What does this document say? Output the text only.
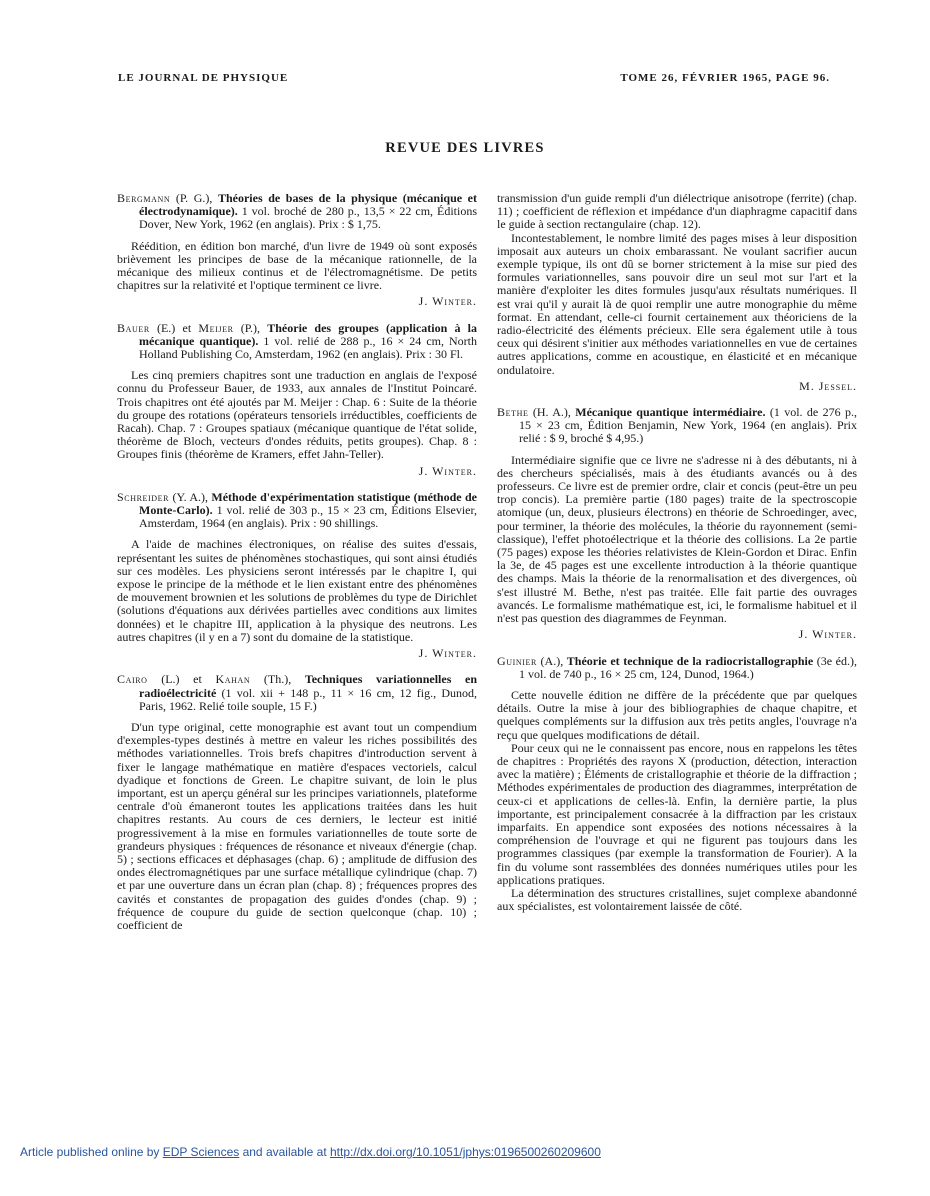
LE JOURNAL DE PHYSIQUE	TOME 26, FÉVRIER 1965, PAGE 96.
REVUE DES LIVRES

Bergmann (P. G.), Théories de bases de la physique (mécanique et électrodynamique). 1 vol. broché de 280 p., 13,5 × 22 cm, Éditions Dover, New York, 1962 (en anglais). Prix : $ 1,75.

Réédition, en édition bon marché, d'un livre de 1949 où sont exposés brièvement les principes de base de la mécanique rationnelle, de la mécanique des milieux continus et de l'électromagnétisme. De petits chapitres sur la relativité et l'optique terminent ce livre.

J. Winter.

Bauer (E.) et Meijer (P.), Théorie des groupes (application à la mécanique quantique). 1 vol. relié de 288 p., 16 × 24 cm, North Holland Publishing Co, Amsterdam, 1962 (en anglais). Prix : 30 Fl.

Les cinq premiers chapitres sont une traduction en anglais de l'exposé connu du Professeur Bauer, de 1933, aux annales de l'Institut Poincaré. Trois chapitres ont été ajoutés par M. Meijer : Chap. 6 : Suite de la théorie du groupe des rotations (opérateurs tensoriels irréductibles, coefficients de Racah). Chap. 7 : Groupes spatiaux (mécanique quantique de l'état solide, théorème de Bloch, vecteurs d'ondes réduits, petits groupes). Chap. 8 : Groupes finis (théorème de Kramers, effet Jahn-Teller).

J. Winter.

Schreider (Y. A.), Méthode d'expérimentation statistique (méthode de Monte-Carlo). 1 vol. relié de 303 p., 15 × 23 cm, Éditions Elsevier, Amsterdam, 1964 (en anglais). Prix : 90 shillings.

A l'aide de machines électroniques, on réalise des suites d'essais, représentant les suites de phénomènes stochastiques, qui sont ainsi étudiés sur ces modèles. Les physiciens seront intéressés par le chapitre I, qui expose le principe de la méthode et le lien existant entre des phénomènes de mouvement brownien et les solutions de problèmes du type de Dirichlet (solutions d'équations aux dérivées partielles avec conditions aux limites données) et le chapitre III, application à la physique des neutrons. Les autres chapitres (il y en a 7) sont du domaine de la statistique.

J. Winter.

Cairo (L.) et Kahan (Th.), Techniques variationnelles en radioélectricité (1 vol. xii + 148 p., 11 × 16 cm, 12 fig., Dunod, Paris, 1962. Relié toile souple, 15 F.)

D'un type original, cette monographie est avant tout un compendium d'exemples-types destinés à mettre en valeur les riches possibilités des méthodes variationnelles. Trois brefs chapitres d'introduction servent à fixer le langage mathématique en matière d'espaces vectoriels, calcul dyadique et fonctions de Green. Le chapitre suivant, de loin le plus important, est un aperçu général sur les principes variationnels, plateforme centrale d'où émaneront toutes les applications traitées dans les huit chapitres restants. Au cours de ces derniers, le lecteur est initié progressivement à la mise en formules variationnelles de toute sorte de grandeurs physiques : fréquences de résonance et niveaux d'énergie (chap. 5) ; sections efficaces et déphasages (chap. 6) ; amplitude de diffusion des ondes électromagnétiques par une surface métallique cylindrique (chap. 7) et par une ouverture dans un écran plan (chap. 8) ; fréquences propres des cavités et constantes de propagation des guides d'ondes (chap. 9) ; fréquence de coupure du guide de section quelconque (chap. 10) ; coefficient de

transmission d'un guide rempli d'un diélectrique anisotrope (ferrite) (chap. 11) ; coefficient de réflexion et impédance d'un diaphragme capacitif dans le guide à section rectangulaire (chap. 12).

Incontestablement, le nombre limité des pages mises à leur disposition imposait aux auteurs un choix embarassant. Ne voulant sacrifier aucun exemple typique, ils ont dû se borner strictement à la mise sur pied des formules variationnelles, sans pouvoir dire un seul mot sur l'art et la manière d'exploiter les dites formules jusqu'aux résultats numériques. Il est vrai qu'il y aurait là de quoi remplir une autre monographie du même format. En attendant, celle-ci fournit certainement aux théoriciens de la radio-électricité des éléments précieux. Elle sera également utile à tous ceux qui désirent s'initier aux méthodes variationnelles en vue de certaines autres applications, comme en acoustique, en élasticité et en mécanique ondulatoire.

M. Jessel.

Bethe (H. A.), Mécanique quantique intermédiaire. (1 vol. de 276 p., 15 × 23 cm, Édition Benjamin, New York, 1964 (en anglais). Prix relié : $ 9, broché $ 4,95.)

Intermédiaire signifie que ce livre ne s'adresse ni à des débutants, ni à des chercheurs spécialisés, mais à des étudiants avancés ou à des professeurs. Ce livre est de premier ordre, clair et concis (peut-être un peu trop concis). La première partie (180 pages) traite de la spectroscopie atomique (un, deux, plusieurs électrons) en théorie de Schroedinger, avec, pour terminer, la théorie des molécules, la théorie du rayonnement (semi-classique), l'effet photoélectrique et la théorie des collisions. La 2e partie (75 pages) expose les théories relativistes de Klein-Gordon et Dirac. Enfin la 3e, de 45 pages est une excellente introduction à la théorie quantique des champs. Mais la théorie de la renormalisation et des divergences, où s'est illustré M. Bethe, n'est pas traitée. Elle fait partie des ouvrages avancés. Le formalisme mathématique est, ici, le formalisme habituel et il n'est pas question des diagrammes de Feynman.

J. Winter.

Guinier (A.), Théorie et technique de la radiocristallographie (3e éd.), 1 vol. de 740 p., 16 × 25 cm, 124, Dunod, 1964.)

Cette nouvelle édition ne diffère de la précédente que par quelques détails. Outre la mise à jour des bibliographies de chaque chapitre, et quelques compléments sur la diffusion aux très petits angles, l'ouvrage n'a reçu que quelques modifications de détail.

Pour ceux qui ne le connaissent pas encore, nous en rappelons les têtes de chapitres : Propriétés des rayons X (production, détection, interaction avec la matière) ; Éléments de cristallographie et théorie de la diffraction ; Méthodes expérimentales de production des diagrammes, interprétation de ceux-ci et applications de celles-là. Enfin, la dernière partie, la plus importante, est principalement consacrée à la diffraction par les cristaux imparfaits. En appendice sont exposées des notions nécessaires à la compréhension de l'ouvrage et qui ne figurent pas toujours dans les programmes classiques (par exemple la transformation de Fourier). A la fin du volume sont rassemblées des données numériques utiles pour les applications pratiques.

La détermination des structures cristallines, sujet complexe abandonné aux spécialistes, est volontairement laissée de côté.

Article published online by EDP Sciences and available at http://dx.doi.org/10.1051/jphys:0196500260209600
